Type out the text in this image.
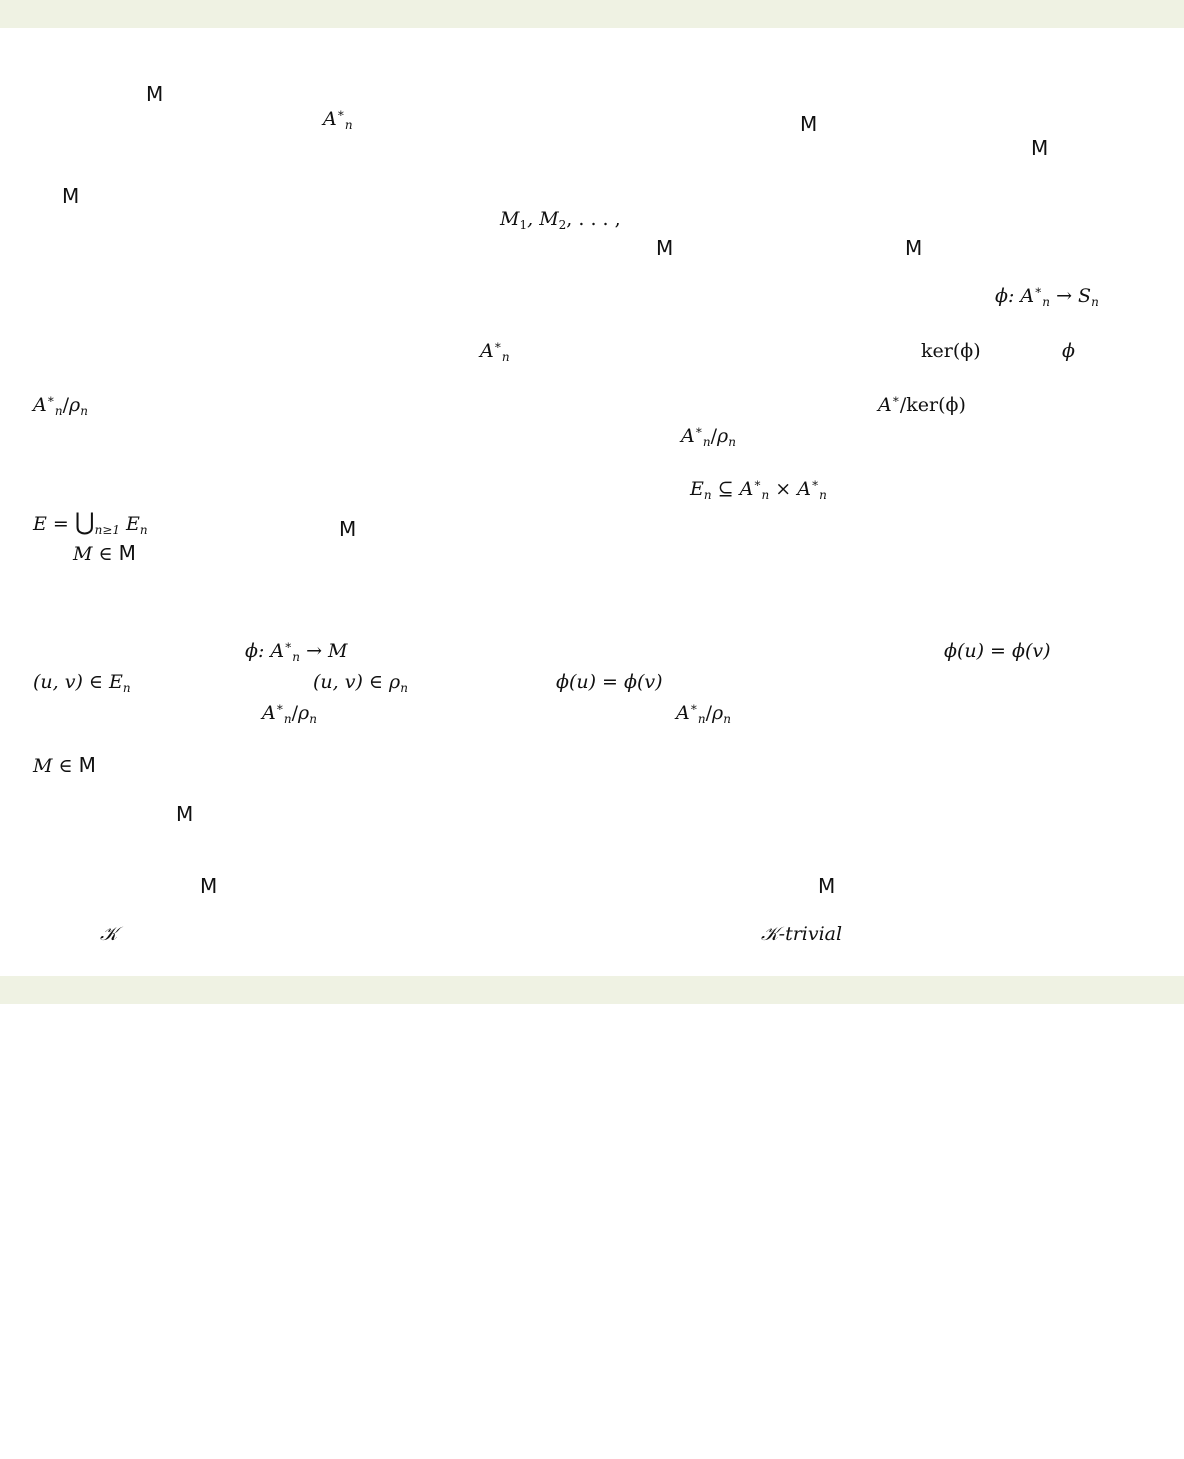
M
$A^∗_n$	M
M
M
$M_1$, $M_2$, . . . ,
M	M
ϕ: $A^∗_n \to S_n$
$A^∗_n$	ker(ϕ)	ϕ
$A^∗_n/\rho_n$	A∗/ker(ϕ)
$A^∗_n/\rho_n$
$E_n$ ⊆ $A^∗_n \times A^∗_n$
$E = ⋃_{n\ge 1}$ $E_n$	M
M ∈ M
ϕ: $A^∗_n \to M$	ϕ(u) = ϕ(v)
(u, v) ∈ $E_n$	(u, v) ∈ $\rho_n$	ϕ(u) = ϕ(v)
$A^∗_n/\rho_n$	$A^∗_n/\rho_n$
M ∈ M
M
M	M
𝒦	𝒦-trivial
